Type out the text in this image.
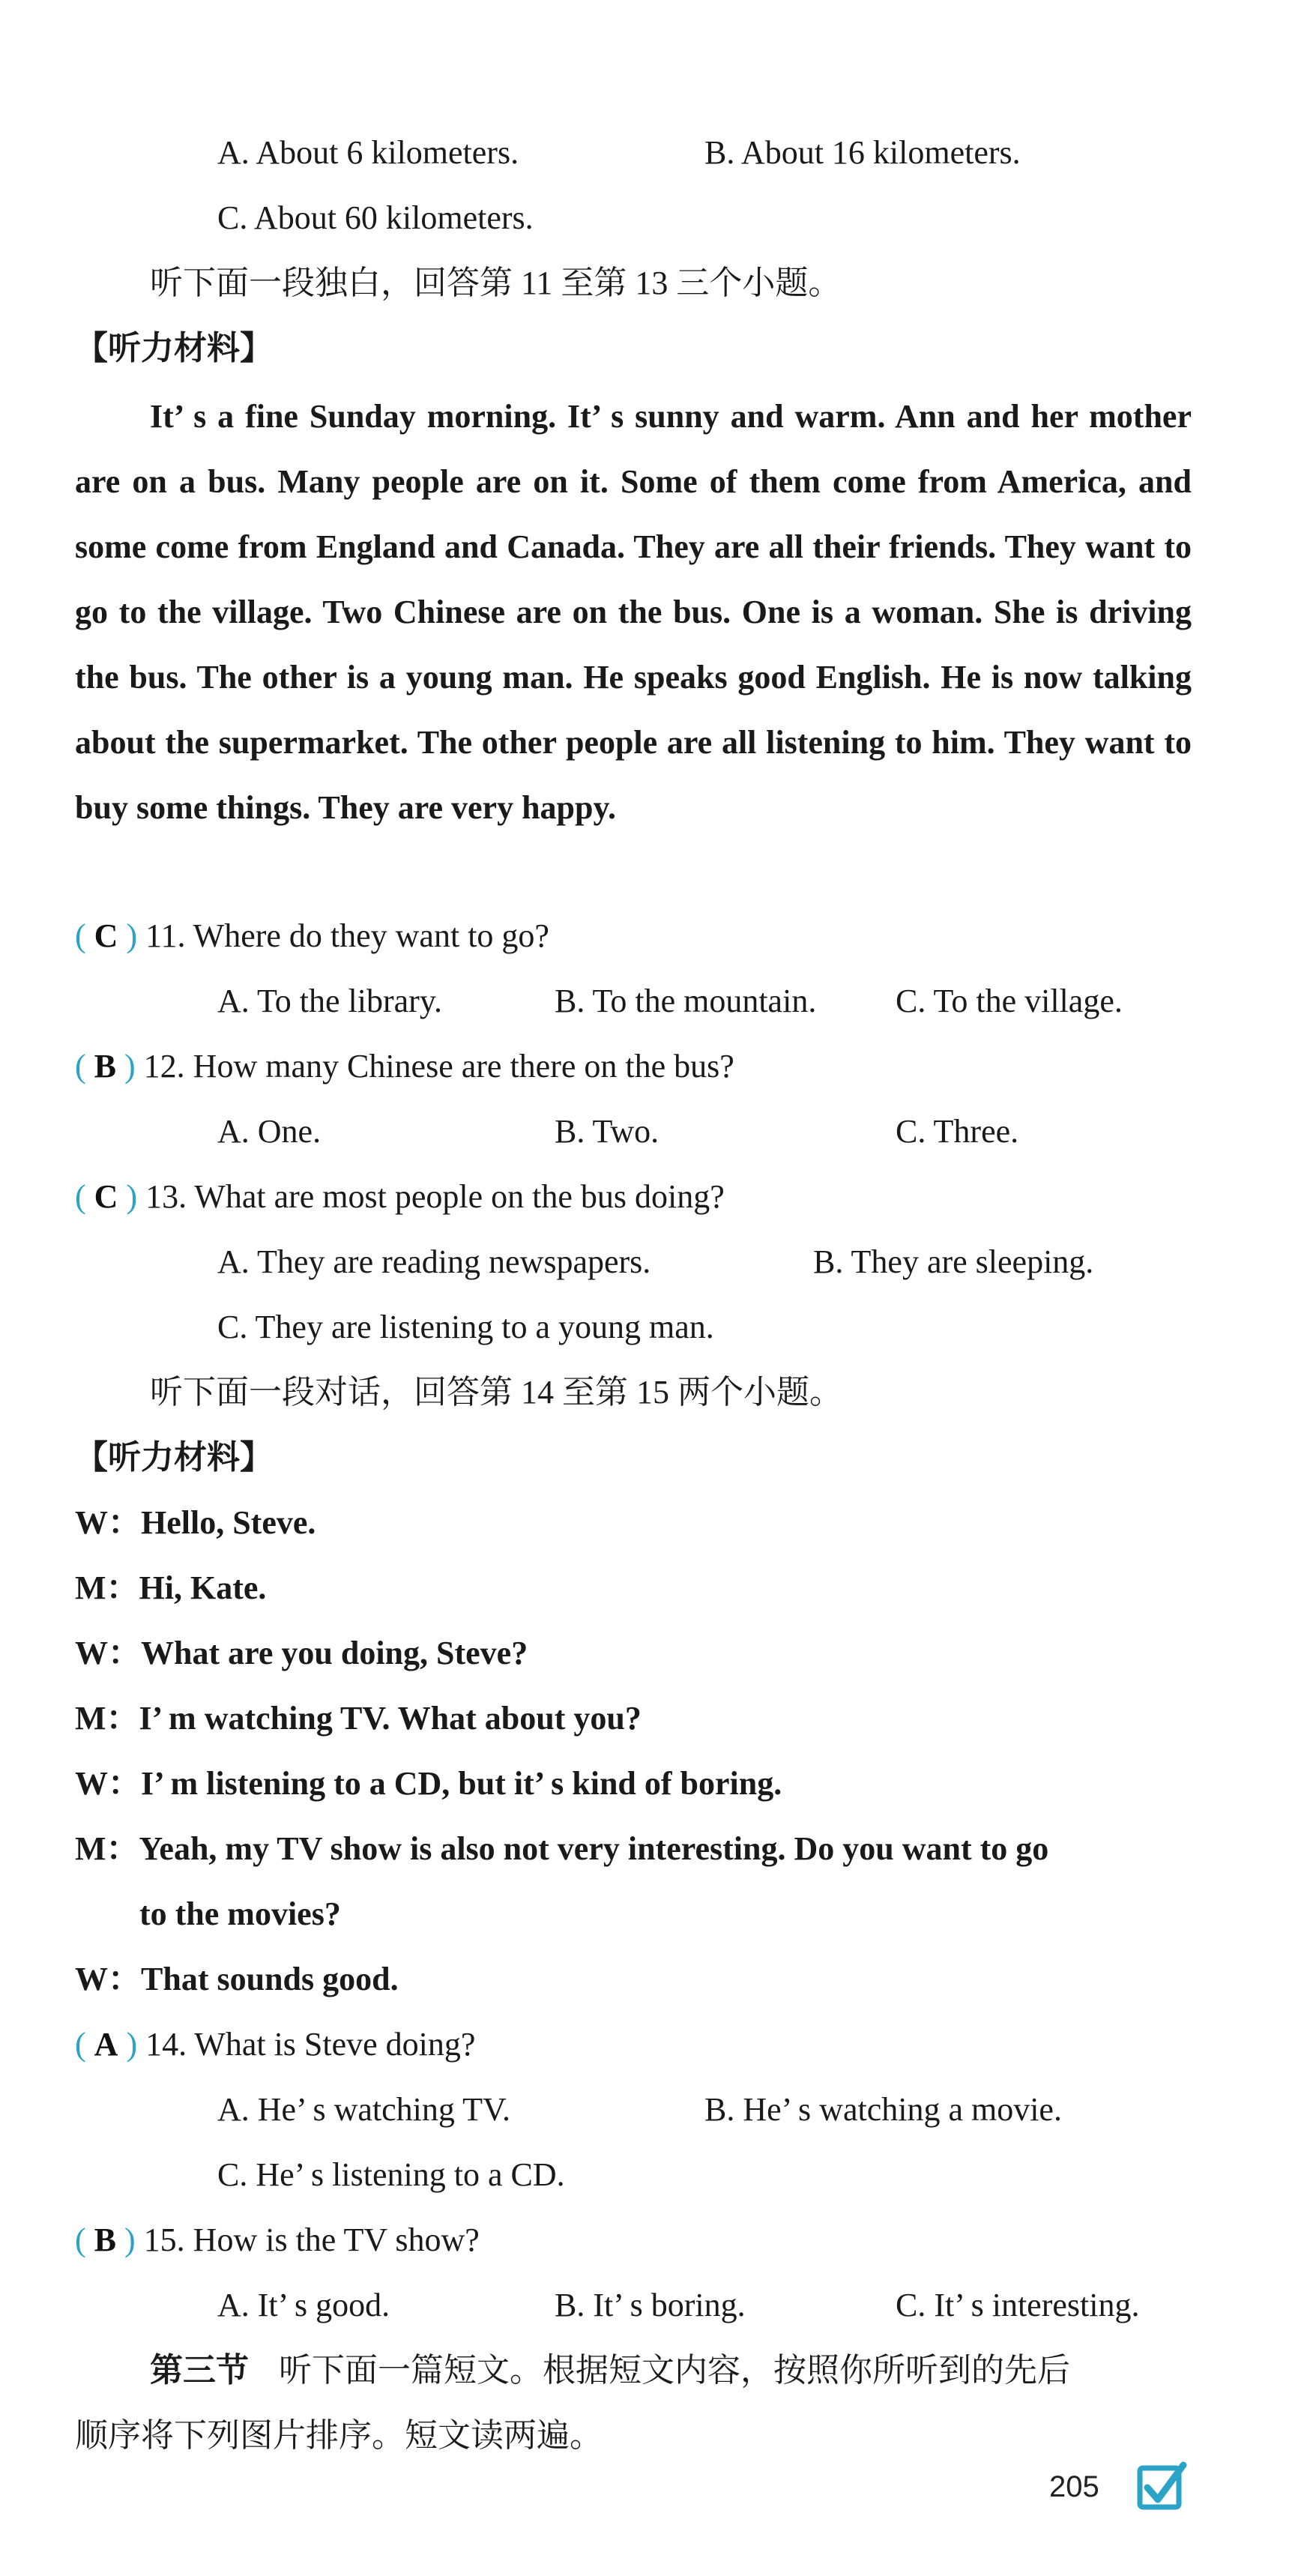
A. About 6 kilometers.	B. About 16 kilometers.
C. About 60 kilometers.
听下面一段独白，回答第 11 至第 13 三个小题。
【听力材料】
It’ s a fine Sunday morning. It’ s sunny and warm. Ann and her mother are on a bus. Many people are on it. Some of them come from America, and some come from England and Canada. They are all their friends. They want to go to the village. Two Chinese are on the bus. One is a woman. She is driving the bus. The other is a young man. He speaks good English. He is now talking about the supermarket. The other people are all listening to him. They want to buy some things. They are very happy.
( C ) 11. Where do they want to go?
A. To the library.	B. To the mountain. C. To the village.
( B ) 12. How many Chinese are there on the bus?
A. One.	B. Two.	C. Three.
( C ) 13. What are most people on the bus doing?
A. They are reading newspapers.	B. They are sleeping.
C. They are listening to a young man.
听下面一段对话，回答第 14 至第 15 两个小题。
【听力材料】
W：Hello, Steve.
M：Hi, Kate.
W：What are you doing, Steve?
M：I’ m watching TV. What about you?
W：I’ m listening to a CD, but it’ s kind of boring.
M：Yeah, my TV show is also not very interesting. Do you want to go
to the movies?
W：That sounds good.
( A ) 14. What is Steve doing?
A. He’ s watching TV.	B. He’ s watching a movie.
C. He’ s listening to a CD.
( B ) 15. How is the TV show?
A. It’ s good.	B. It’ s boring.	C. It’ s interesting.
第三节 听下面一篇短文。根据短文内容，按照你所听到的先后
顺序将下列图片排序。短文读两遍。
205
